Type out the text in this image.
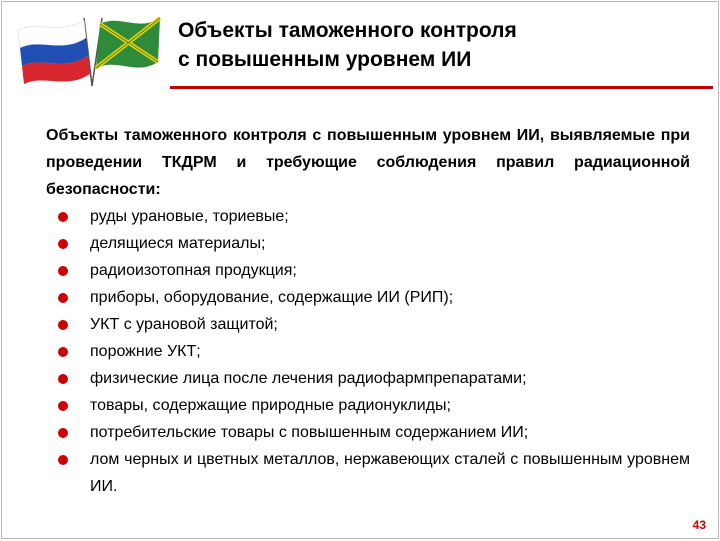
Объекты таможенного контроля
с повышенным уровнем ИИ
Объекты таможенного контроля с повышенным уровнем ИИ, выявляемые при проведении ТКДРМ и требующие соблюдения правил радиационной безопасности:
руды урановые, ториевые;
делящиеся материалы;
радиоизотопная продукция;
приборы, оборудование, содержащие ИИ (РИП);
УКТ с урановой защитой;
порожние УКТ;
физические лица после лечения радиофармпрепаратами;
товары, содержащие природные радионуклиды;
потребительские товары с повышенным содержанием ИИ;
лом черных и цветных металлов, нержавеющих сталей с повышенным уровнем ИИ.
43
